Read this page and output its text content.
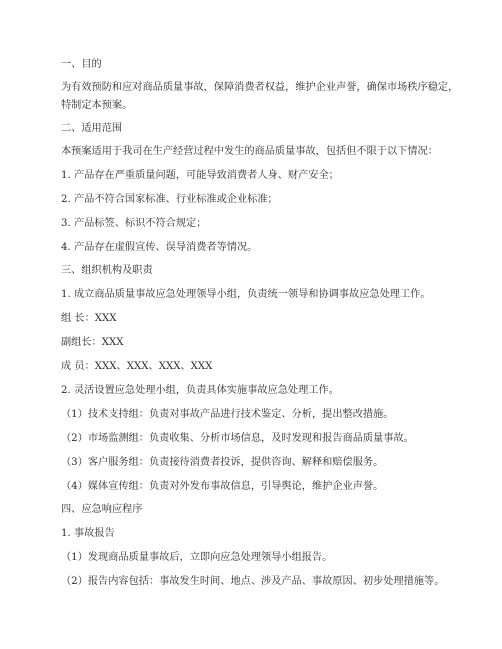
一、目的
为有效预防和应对商品质量事故，保障消费者权益，维护企业声誉，确保市场秩序稳定，特制定本预案。
二、适用范围
本预案适用于我司在生产经营过程中发生的商品质量事故，包括但不限于以下情况：
1. 产品存在严重质量问题，可能导致消费者人身、财产安全；
2. 产品不符合国家标准、行业标准或企业标准；
3. 产品标签、标识不符合规定；
4. 产品存在虚假宣传、误导消费者等情况。
三、组织机构及职责
1. 成立商品质量事故应急处理领导小组，负责统一领导和协调事故应急处理工作。
组 长：XXX
副组长：XXX
成 员：XXX、XXX、XXX、XXX
2. 灵活设置应急处理小组，负责具体实施事故应急处理工作。
（1）技术支持组：负责对事故产品进行技术鉴定、分析，提出整改措施。
（2）市场监测组：负责收集、分析市场信息，及时发现和报告商品质量事故。
（3）客户服务组：负责接待消费者投诉，提供咨询、解释和赔偿服务。
（4）媒体宣传组：负责对外发布事故信息，引导舆论，维护企业声誉。
四、应急响应程序
1. 事故报告
（1）发现商品质量事故后，立即向应急处理领导小组报告。
（2）报告内容包括：事故发生时间、地点、涉及产品、事故原因、初步处理措施等。
